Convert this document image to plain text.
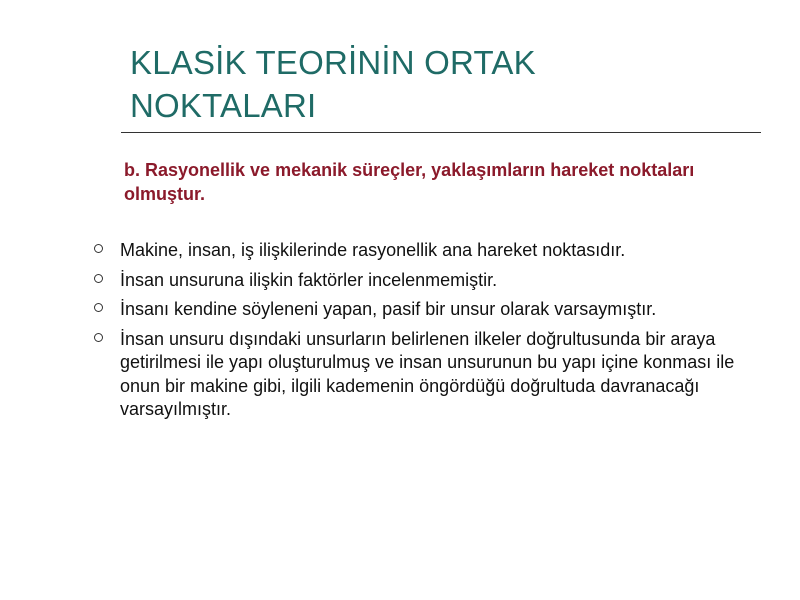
KLASİK TEORİNİN ORTAK
NOKTALARI

b. Rasyonellik ve mekanik süreçler, yaklaşımların hareket noktaları olmuştur.

Makine, insan, iş ilişkilerinde rasyonellik ana hareket noktasıdır.
İnsan unsuruna ilişkin faktörler incelenmemiştir.
İnsanı kendine söyleneni yapan, pasif bir unsur olarak varsaymıştır.
İnsan unsuru dışındaki unsurların belirlenen ilkeler doğrultusunda bir araya getirilmesi ile yapı oluşturulmuş ve insan unsurunun bu yapı içine konması ile onun bir makine gibi, ilgili kademenin öngördüğü doğrultuda davranacağı varsayılmıştır.
